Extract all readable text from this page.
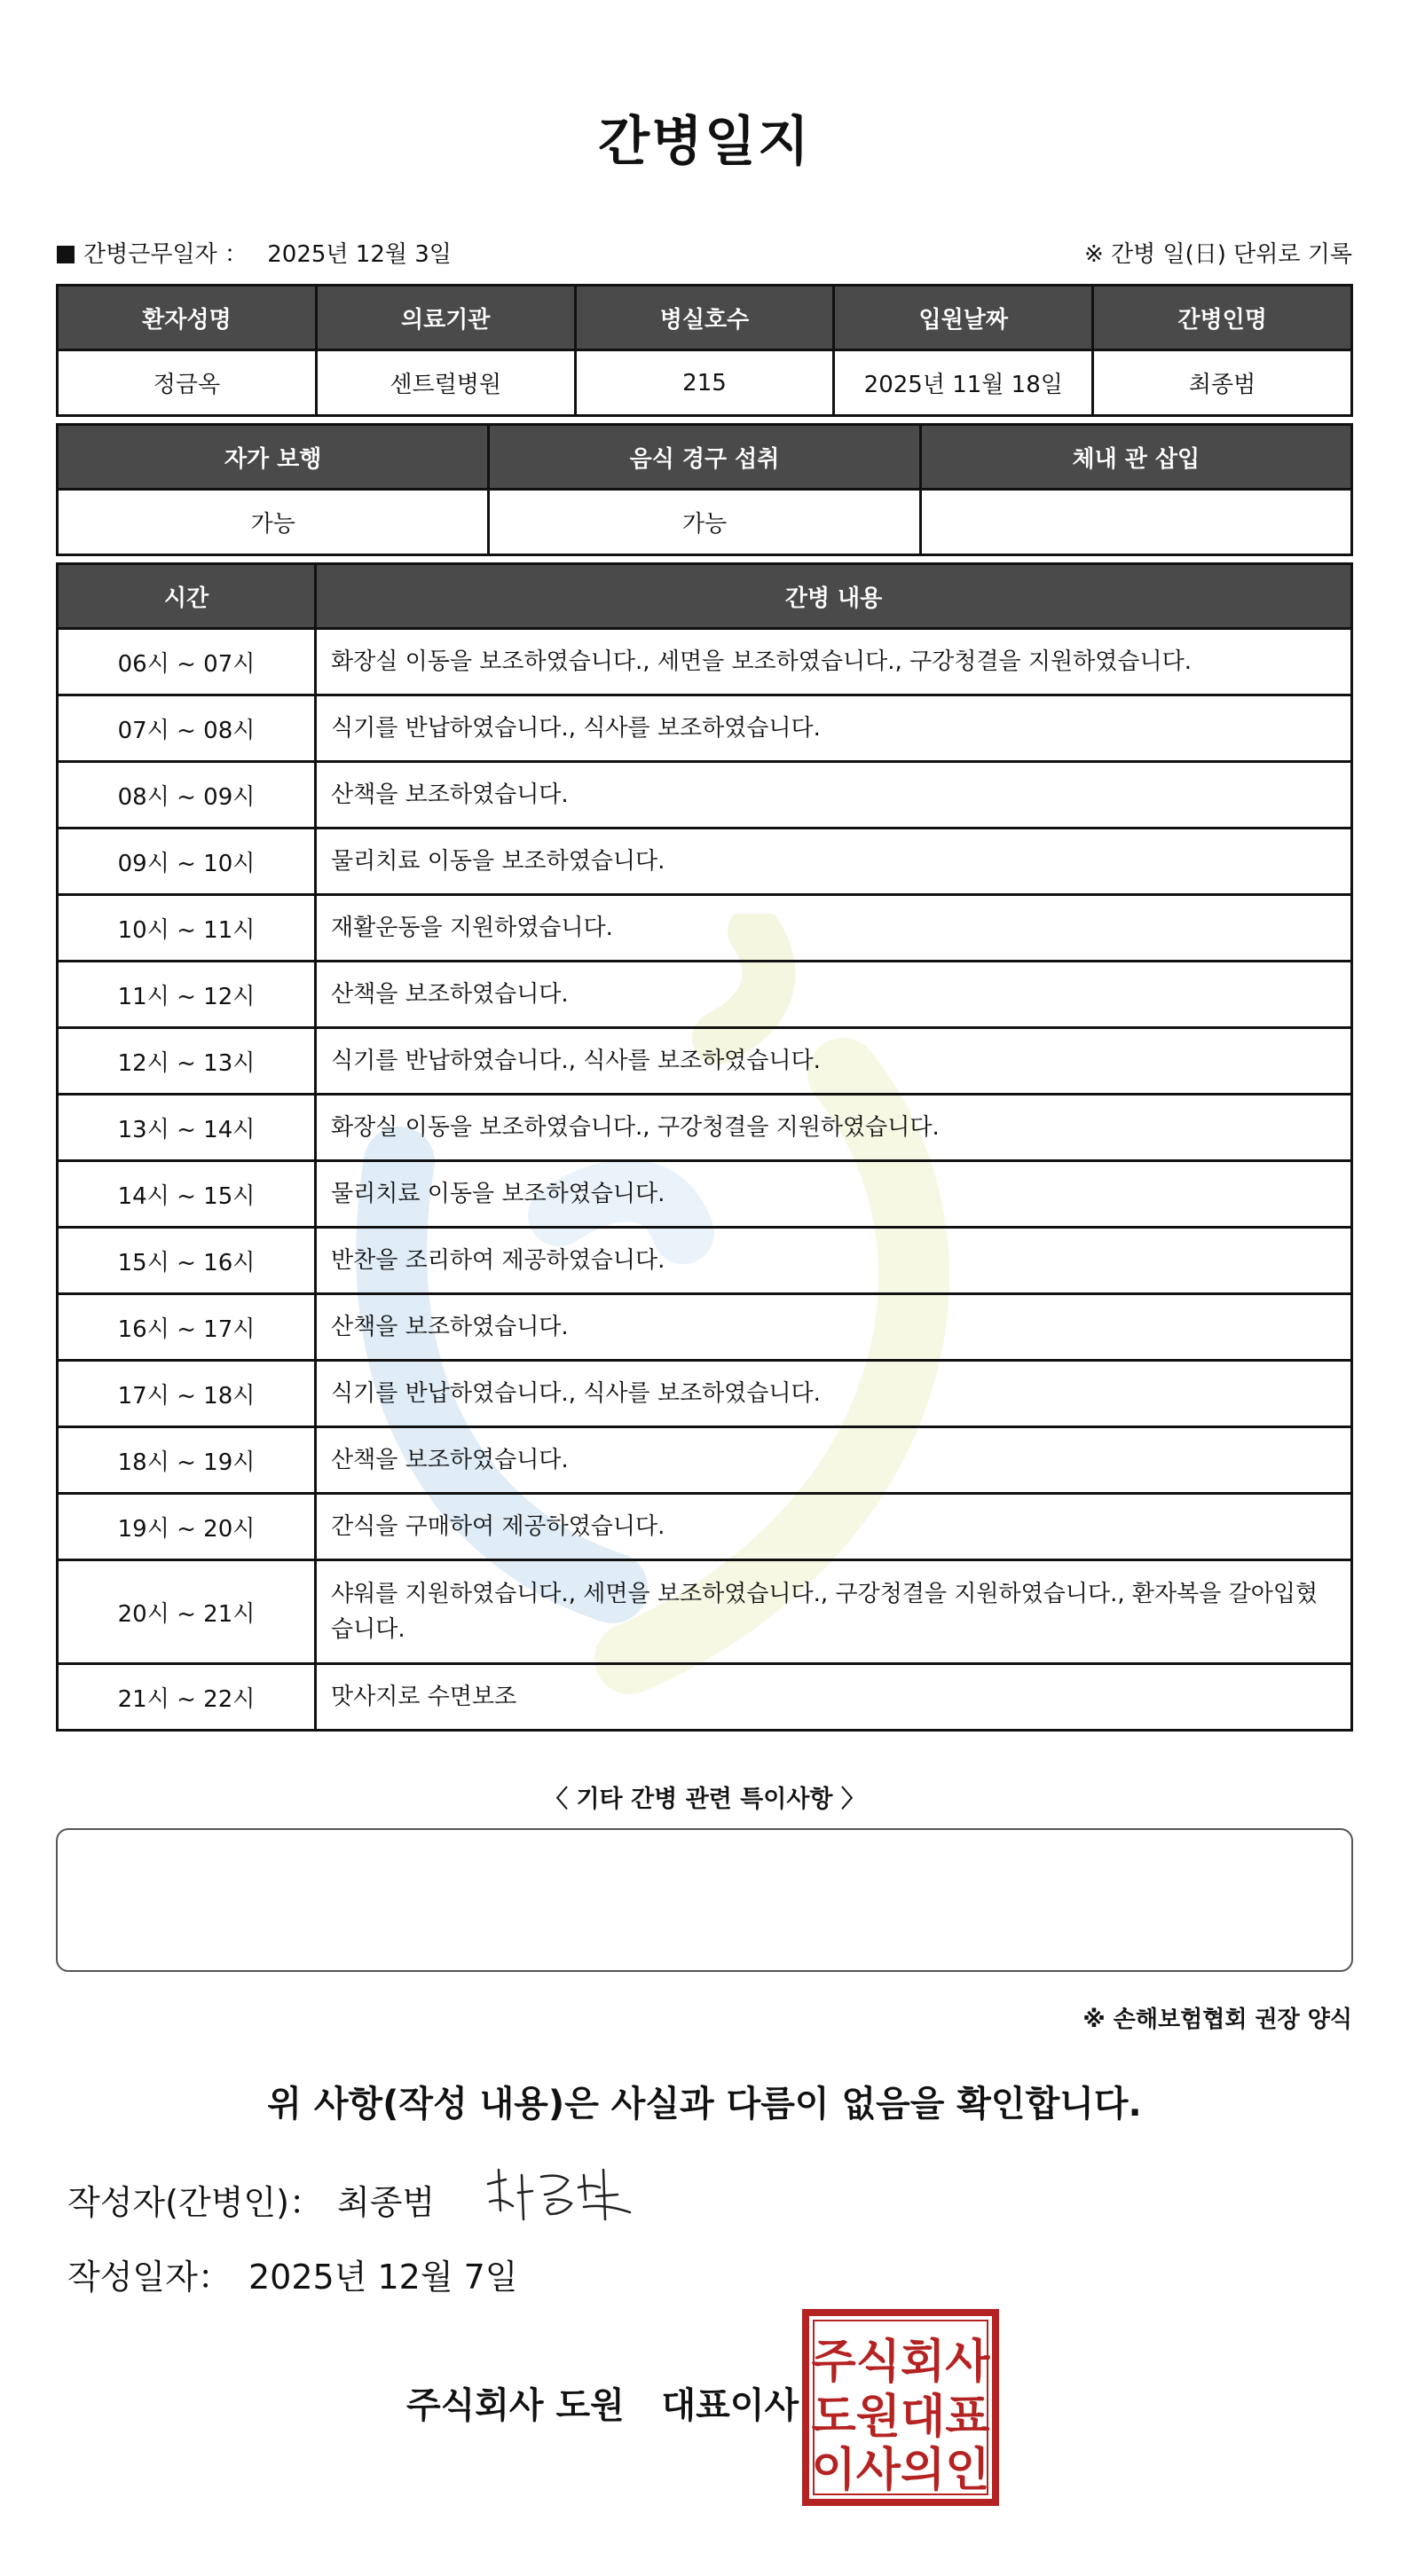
간병일지
간병근무일자 ： 2025년 12월 3일	※ 간병 일(日) 단위로 기록
환자성명	의료기관	병실호수	입원날짜	간병인명
정금옥	센트럴병원	215	2025년 11월 18일	최종범
자가 보행	음식 경구 섭취	체내 관 삽입
가능	가능	
시간	간병 내용
06시 ~ 07시	화장실 이동을 보조하였습니다., 세면을 보조하였습니다., 구강청결을 지원하였습니다.
07시 ~ 08시	식기를 반납하였습니다., 식사를 보조하였습니다.
08시 ~ 09시	산책을 보조하였습니다.
09시 ~ 10시	물리치료 이동을 보조하였습니다.
10시 ~ 11시	재활운동을 지원하였습니다.
11시 ~ 12시	산책을 보조하였습니다.
12시 ~ 13시	식기를 반납하였습니다., 식사를 보조하였습니다.
13시 ~ 14시	화장실 이동을 보조하였습니다., 구강청결을 지원하였습니다.
14시 ~ 15시	물리치료 이동을 보조하였습니다.
15시 ~ 16시	반찬을 조리하여 제공하였습니다.
16시 ~ 17시	산책을 보조하였습니다.
17시 ~ 18시	식기를 반납하였습니다., 식사를 보조하였습니다.
18시 ~ 19시	산책을 보조하였습니다.
19시 ~ 20시	간식을 구매하여 제공하였습니다.
20시 ~ 21시	샤워를 지원하였습니다., 세면을 보조하였습니다., 구강청결을 지원하였습니다., 환자복을 갈아입혔습니다.
21시 ~ 22시	맛사지로 수면보조
〈 기타 간병 관련 특이사항 〉
※ 손해보험협회 권장 양식
위 사항(작성 내용)은 사실과 다름이 없음을 확인합니다.
작성자(간병인)： 최종범
작성일자： 2025년 12월 7일
주식회사 도원   대표이사
주식회사
도원대표
이사의인
